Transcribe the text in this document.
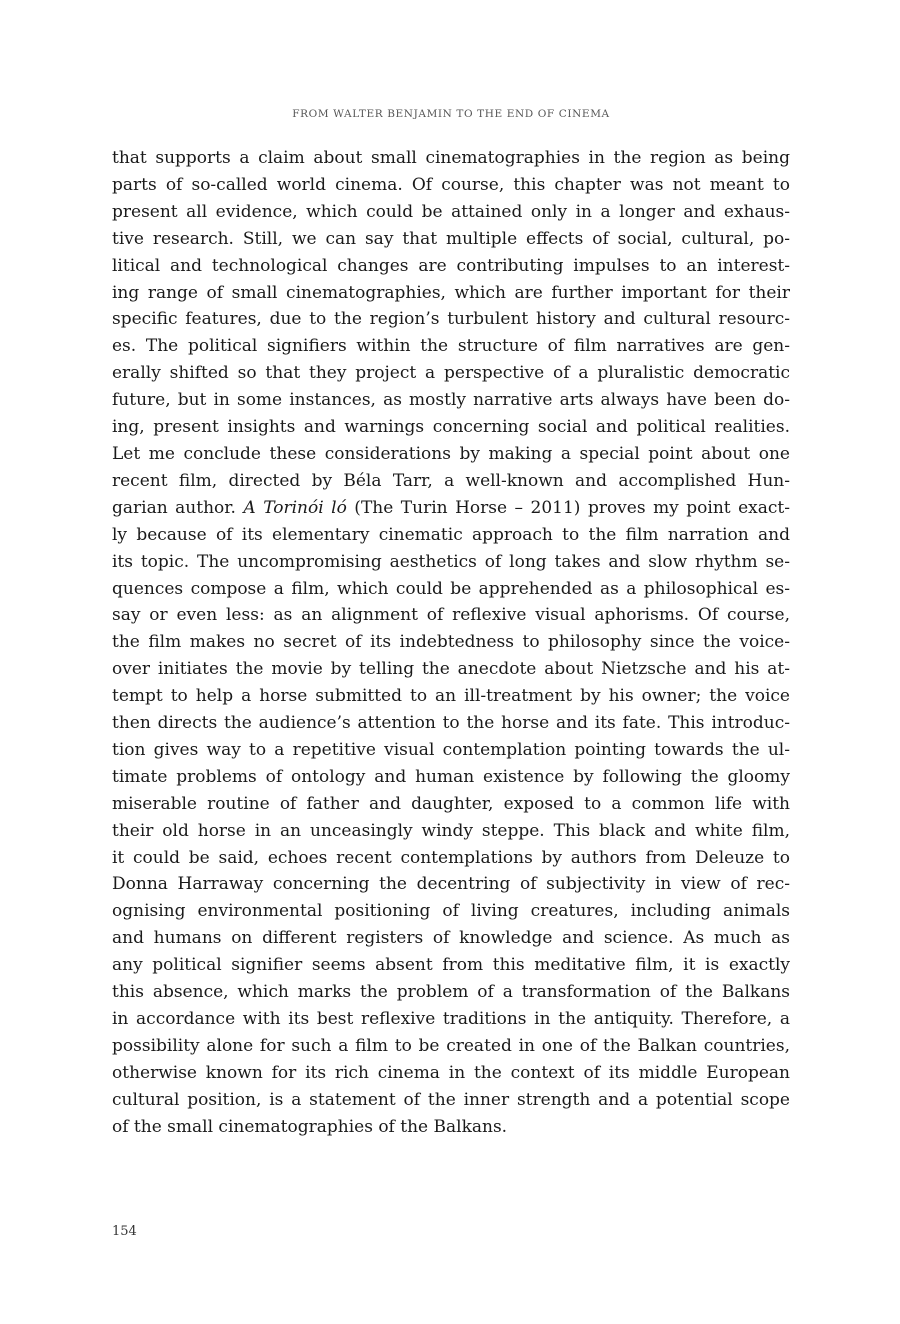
FROM WALTER BENJAMIN TO THE END OF CINEMA

that supports a claim about small cinematographies in the region as being
parts of so-called world cinema. Of course, this chapter was not meant to
present all evidence, which could be attained only in a longer and exhaus-
tive research. Still, we can say that multiple effects of social, cultural, po-
litical and technological changes are contributing impulses to an interest-
ing range of small cinematographies, which are further important for their
specific features, due to the region’s turbulent history and cultural resourc-
es. The political signifiers within the structure of film narratives are gen-
erally shifted so that they project a perspective of a pluralistic democratic
future, but in some instances, as mostly narrative arts always have been do-
ing, present insights and warnings concerning social and political realities.
Let me conclude these considerations by making a special point about one
recent film, directed by Béla Tarr, a well-known and accomplished Hun-
garian author. A Torinói ló (The Turin Horse – 2011) proves my point exact-
ly because of its elementary cinematic approach to the film narration and
its topic. The uncompromising aesthetics of long takes and slow rhythm se-
quences compose a film, which could be apprehended as a philosophical es-
say or even less: as an alignment of reflexive visual aphorisms. Of course,
the film makes no secret of its indebtedness to philosophy since the voice-
over initiates the movie by telling the anecdote about Nietzsche and his at-
tempt to help a horse submitted to an ill-treatment by his owner; the voice
then directs the audience’s attention to the horse and its fate. This introduc-
tion gives way to a repetitive visual contemplation pointing towards the ul-
timate problems of ontology and human existence by following the gloomy
miserable routine of father and daughter, exposed to a common life with
their old horse in an unceasingly windy steppe. This black and white film,
it could be said, echoes recent contemplations by authors from Deleuze to
Donna Harraway concerning the decentring of subjectivity in view of rec-
ognising environmental positioning of living creatures, including animals
and humans on different registers of knowledge and science. As much as
any political signifier seems absent from this meditative film, it is exactly
this absence, which marks the problem of a transformation of the Balkans
in accordance with its best reflexive traditions in the antiquity. Therefore, a
possibility alone for such a film to be created in one of the Balkan countries,
otherwise known for its rich cinema in the context of its middle European
cultural position, is a statement of the inner strength and a potential scope
of the small cinematographies of the Balkans.

154
